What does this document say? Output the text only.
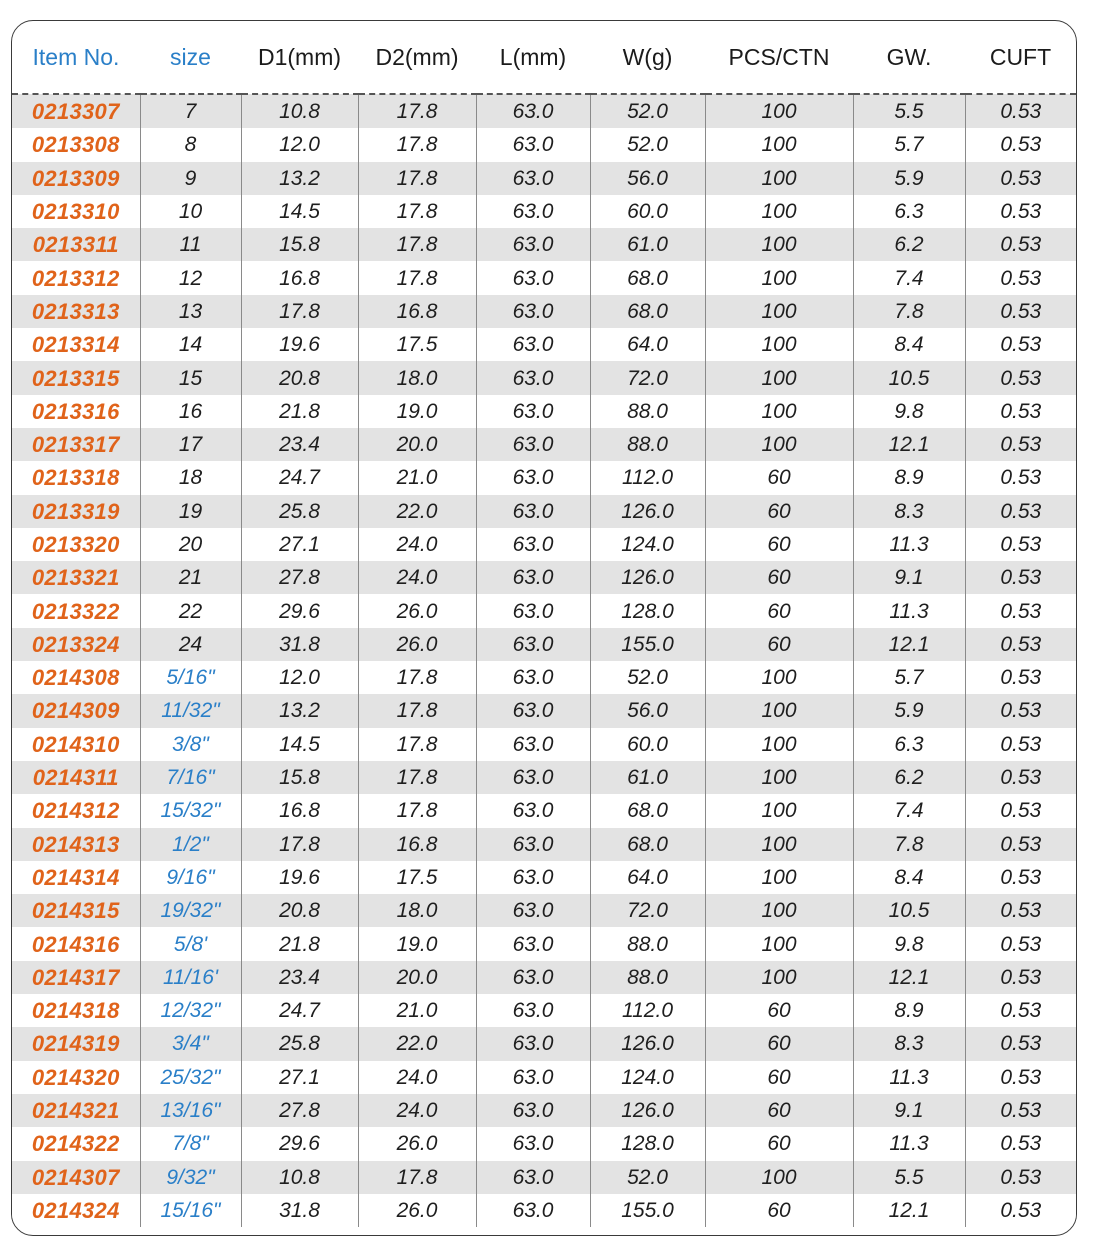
Item No.	size	D1(mm)	D2(mm)	L(mm)	W(g)	PCS/CTN	GW.	CUFT
0213307	7	10.8	17.8	63.0	52.0	100	5.5	0.53
0213308	8	12.0	17.8	63.0	52.0	100	5.7	0.53
0213309	9	13.2	17.8	63.0	56.0	100	5.9	0.53
0213310	10	14.5	17.8	63.0	60.0	100	6.3	0.53
0213311	11	15.8	17.8	63.0	61.0	100	6.2	0.53
0213312	12	16.8	17.8	63.0	68.0	100	7.4	0.53
0213313	13	17.8	16.8	63.0	68.0	100	7.8	0.53
0213314	14	19.6	17.5	63.0	64.0	100	8.4	0.53
0213315	15	20.8	18.0	63.0	72.0	100	10.5	0.53
0213316	16	21.8	19.0	63.0	88.0	100	9.8	0.53
0213317	17	23.4	20.0	63.0	88.0	100	12.1	0.53
0213318	18	24.7	21.0	63.0	112.0	60	8.9	0.53
0213319	19	25.8	22.0	63.0	126.0	60	8.3	0.53
0213320	20	27.1	24.0	63.0	124.0	60	11.3	0.53
0213321	21	27.8	24.0	63.0	126.0	60	9.1	0.53
0213322	22	29.6	26.0	63.0	128.0	60	11.3	0.53
0213324	24	31.8	26.0	63.0	155.0	60	12.1	0.53
0214308	5/16"	12.0	17.8	63.0	52.0	100	5.7	0.53
0214309	11/32"	13.2	17.8	63.0	56.0	100	5.9	0.53
0214310	3/8"	14.5	17.8	63.0	60.0	100	6.3	0.53
0214311	7/16"	15.8	17.8	63.0	61.0	100	6.2	0.53
0214312	15/32"	16.8	17.8	63.0	68.0	100	7.4	0.53
0214313	1/2"	17.8	16.8	63.0	68.0	100	7.8	0.53
0214314	9/16"	19.6	17.5	63.0	64.0	100	8.4	0.53
0214315	19/32"	20.8	18.0	63.0	72.0	100	10.5	0.53
0214316	5/8'	21.8	19.0	63.0	88.0	100	9.8	0.53
0214317	11/16'	23.4	20.0	63.0	88.0	100	12.1	0.53
0214318	12/32"	24.7	21.0	63.0	112.0	60	8.9	0.53
0214319	3/4"	25.8	22.0	63.0	126.0	60	8.3	0.53
0214320	25/32"	27.1	24.0	63.0	124.0	60	11.3	0.53
0214321	13/16"	27.8	24.0	63.0	126.0	60	9.1	0.53
0214322	7/8"	29.6	26.0	63.0	128.0	60	11.3	0.53
0214307	9/32"	10.8	17.8	63.0	52.0	100	5.5	0.53
0214324	15/16"	31.8	26.0	63.0	155.0	60	12.1	0.53
